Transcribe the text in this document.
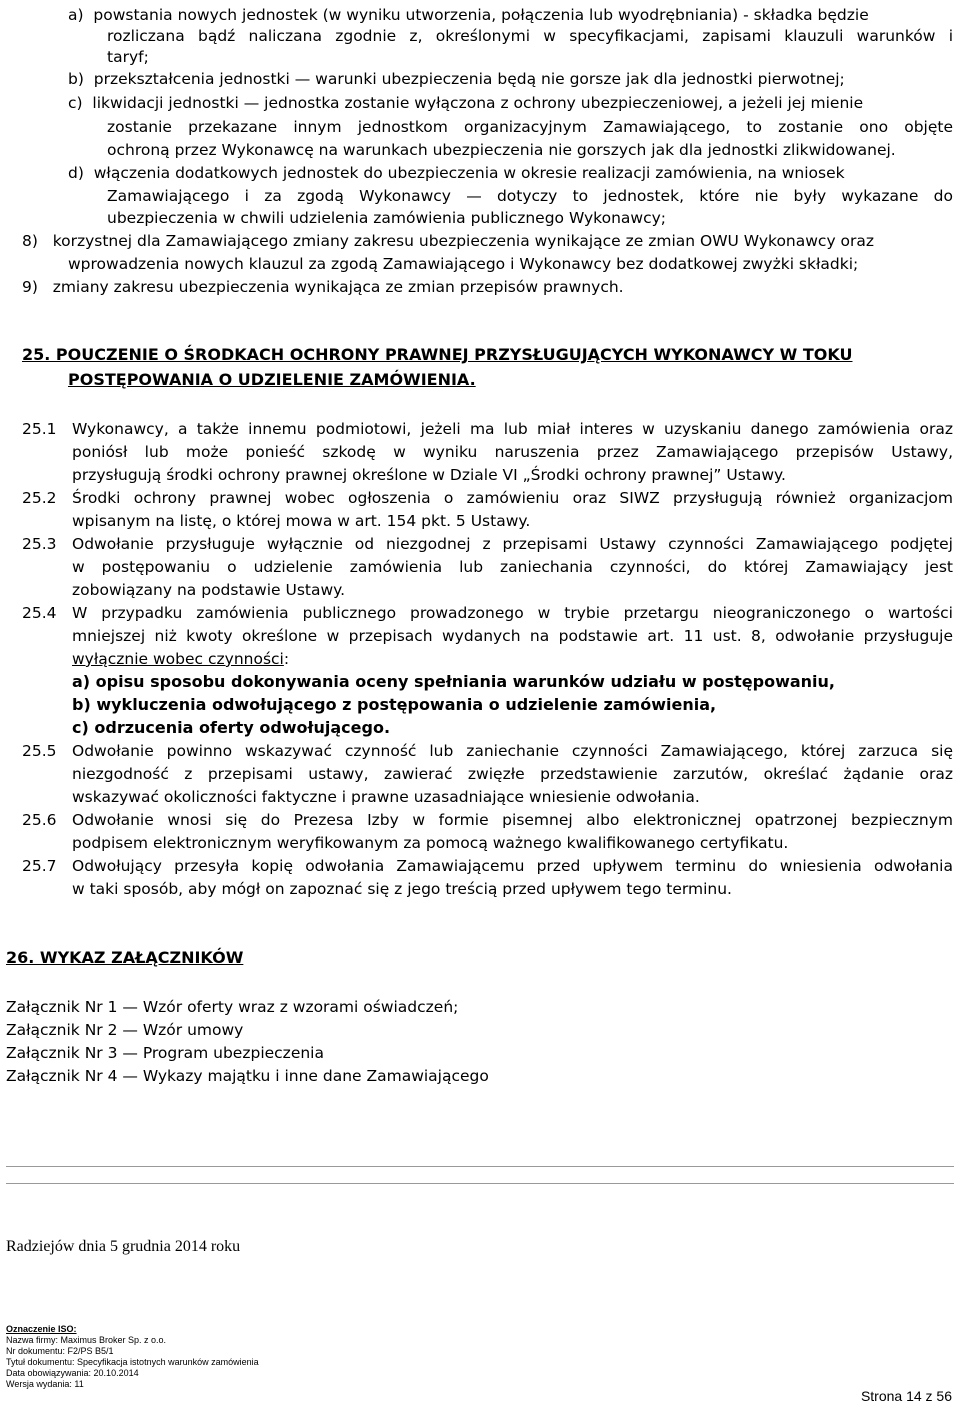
a)  powstania nowych jednostek (w wyniku utworzenia, połączenia lub wyodrębniania) - składka będzie
rozliczana bądź naliczana zgodnie z, określonymi w specyfikacjami, zapisami klauzuli warunków i
taryf;
b)  przekształcenia jednostki — warunki ubezpieczenia będą nie gorsze jak dla jednostki pierwotnej;
c)  likwidacji jednostki — jednostka zostanie wyłączona z ochrony ubezpieczeniowej, a jeżeli jej mienie
zostanie przekazane innym jednostkom organizacyjnym Zamawiającego, to zostanie ono objęte
ochroną przez Wykonawcę na warunkach ubezpieczenia nie gorszych jak dla jednostki zlikwidowanej.
d)  włączenia dodatkowych jednostek do ubezpieczenia w okresie realizacji zamówienia, na wniosek
Zamawiającego i za zgodą Wykonawcy — dotyczy to jednostek, które nie były wykazane do
ubezpieczenia w chwili udzielenia zamówienia publicznego Wykonawcy;
8)   korzystnej dla Zamawiającego zmiany zakresu ubezpieczenia wynikające ze zmian OWU Wykonawcy oraz
wprowadzenia nowych klauzul za zgodą Zamawiającego i Wykonawcy bez dodatkowej zwyżki składki;
9)   zmiany zakresu ubezpieczenia wynikająca ze zmian przepisów prawnych.
25. POUCZENIE O ŚRODKACH OCHRONY PRAWNEJ PRZYSŁUGUJĄCYCH WYKONAWCY W TOKU
POSTĘPOWANIA O UDZIELENIE ZAMÓWIENIA.
25.1 Wykonawcy, a także innemu podmiotowi, jeżeli ma lub miał interes w uzyskaniu danego zamówienia oraz
poniósł lub może ponieść szkodę w wyniku naruszenia przez Zamawiającego przepisów Ustawy,
przysługują środki ochrony prawnej określone w Dziale VI „Środki ochrony prawnej” Ustawy.
25.2 Środki ochrony prawnej wobec ogłoszenia o zamówieniu oraz SIWZ przysługują również organizacjom
wpisanym na listę, o której mowa w art. 154 pkt. 5 Ustawy.
25.3 Odwołanie przysługuje wyłącznie od niezgodnej z przepisami Ustawy czynności Zamawiającego podjętej
w postępowaniu o udzielenie zamówienia lub zaniechania czynności, do której Zamawiający jest
zobowiązany na podstawie Ustawy.
25.4 W przypadku zamówienia publicznego prowadzonego w trybie przetargu nieograniczonego o wartości
mniejszej niż kwoty określone w przepisach wydanych na podstawie art. 11 ust. 8, odwołanie przysługuje
wyłącznie wobec czynności:
a) opisu sposobu dokonywania oceny spełniania warunków udziału w postępowaniu,
b) wykluczenia odwołującego z postępowania o udzielenie zamówienia,
c) odrzucenia oferty odwołującego.
25.5 Odwołanie powinno wskazywać czynność lub zaniechanie czynności Zamawiającego, której zarzuca się
niezgodność z przepisami ustawy, zawierać zwięzłe przedstawienie zarzutów, określać żądanie oraz
wskazywać okoliczności faktyczne i prawne uzasadniające wniesienie odwołania.
25.6 Odwołanie wnosi się do Prezesa Izby w formie pisemnej albo elektronicznej opatrzonej bezpiecznym
podpisem elektronicznym weryfikowanym za pomocą ważnego kwalifikowanego certyfikatu.
25.7 Odwołujący przesyła kopię odwołania Zamawiającemu przed upływem terminu do wniesienia odwołania
w taki sposób, aby mógł on zapoznać się z jego treścią przed upływem tego terminu.
26. WYKAZ ZAŁĄCZNIKÓW
Załącznik Nr 1 — Wzór oferty wraz z wzorami oświadczeń;
Załącznik Nr 2 — Wzór umowy
Załącznik Nr 3 — Program ubezpieczenia
Załącznik Nr 4 — Wykazy majątku i inne dane Zamawiającego
Radziejów dnia 5 grudnia 2014 roku
Oznaczenie ISO:
Nazwa firmy: Maximus Broker Sp. z o.o.
Nr dokumentu: F2/PS B5/1
Tytuł dokumentu: Specyfikacja istotnych warunków zamówienia
Data obowiązywania: 20.10.2014
Wersja wydania: 11
Strona 14 z 56
